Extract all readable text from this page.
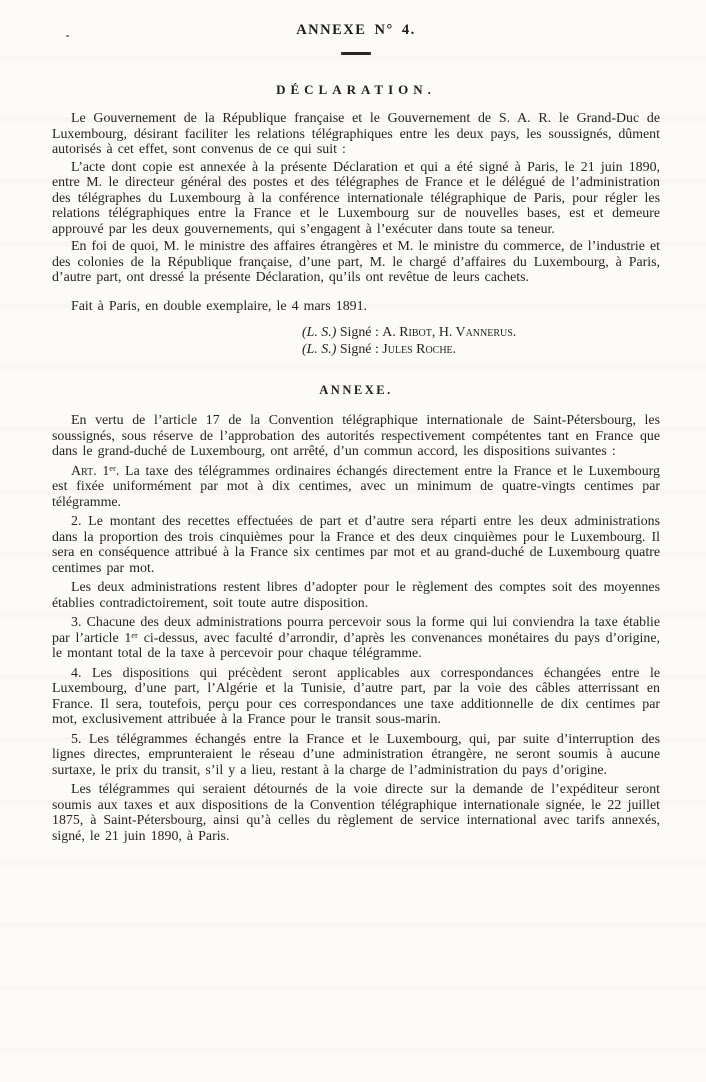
ANNEXE N° 4.
DÉCLARATION.

Le Gouvernement de la République française et le Gouvernement de S. A. R. le Grand-Duc de Luxembourg, désirant faciliter les relations télégraphiques entre les deux pays, les soussignés, dûment autorisés à cet effet, sont convenus de ce qui suit :

L’acte dont copie est annexée à la présente Déclaration et qui a été signé à Paris, le 21 juin 1890, entre M. le directeur général des postes et des télégraphes de France et le délégué de l’administration des télégraphes du Luxembourg à la conférence internationale télégraphique de Paris, pour régler les relations télégraphiques entre la France et le Luxembourg sur de nouvelles bases, est et demeure approuvé par les deux gouvernements, qui s’engagent à l’exécuter dans toute sa teneur.

En foi de quoi, M. le ministre des affaires étrangères et M. le ministre du commerce, de l’industrie et des colonies de la République française, d’une part, M. le chargé d’affaires du Luxembourg, à Paris, d’autre part, ont dressé la présente Déclaration, qu’ils ont revêtue de leurs cachets.

Fait à Paris, en double exemplaire, le 4 mars 1891.

(L. S.) Signé : A. Ribot, H. Vannerus.
(L. S.) Signé : Jules Roche.
ANNEXE.

En vertu de l’article 17 de la Convention télégraphique internationale de Saint-Pétersbourg, les soussignés, sous réserve de l’approbation des autorités respectivement compétentes tant en France que dans le grand-duché de Luxembourg, ont arrêté, d’un commun accord, les dispositions suivantes :

Art. 1ᵉʳ. La taxe des télégrammes ordinaires échangés directement entre la France et le Luxembourg est fixée uniformément par mot à dix centimes, avec un minimum de quatre-vingts centimes par télégramme.

2. Le montant des recettes effectuées de part et d’autre sera réparti entre les deux administrations dans la proportion des trois cinquièmes pour la France et des deux cinquièmes pour le Luxembourg. Il sera en conséquence attribué à la France six centimes par mot et au grand-duché de Luxembourg quatre centimes par mot.

Les deux administrations restent libres d’adopter pour le règlement des comptes soit des moyennes établies contradictoirement, soit toute autre disposition.

3. Chacune des deux administrations pourra percevoir sous la forme qui lui conviendra la taxe établie par l’article 1ᵉʳ ci-dessus, avec faculté d’arrondir, d’après les convenances monétaires du pays d’origine, le montant total de la taxe à percevoir pour chaque télégramme.

4. Les dispositions qui précèdent seront applicables aux correspondances échangées entre le Luxembourg, d’une part, l’Algérie et la Tunisie, d’autre part, par la voie des câbles atterrissant en France. Il sera, toutefois, perçu pour ces correspondances une taxe additionnelle de dix centimes par mot, exclusivement attribuée à la France pour le transit sous-marin.

5. Les télégrammes échangés entre la France et le Luxembourg, qui, par suite d’interruption des lignes directes, emprunteraient le réseau d’une administration étrangère, ne seront soumis à aucune surtaxe, le prix du transit, s’il y a lieu, restant à la charge de l’administration du pays d’origine.

Les télégrammes qui seraient détournés de la voie directe sur la demande de l’expéditeur seront soumis aux taxes et aux dispositions de la Convention télégraphique internationale signée, le 22 juillet 1875, à Saint-Pétersbourg, ainsi qu’à celles du règlement de service international avec tarifs annexés, signé, le 21 juin 1890, à Paris.
